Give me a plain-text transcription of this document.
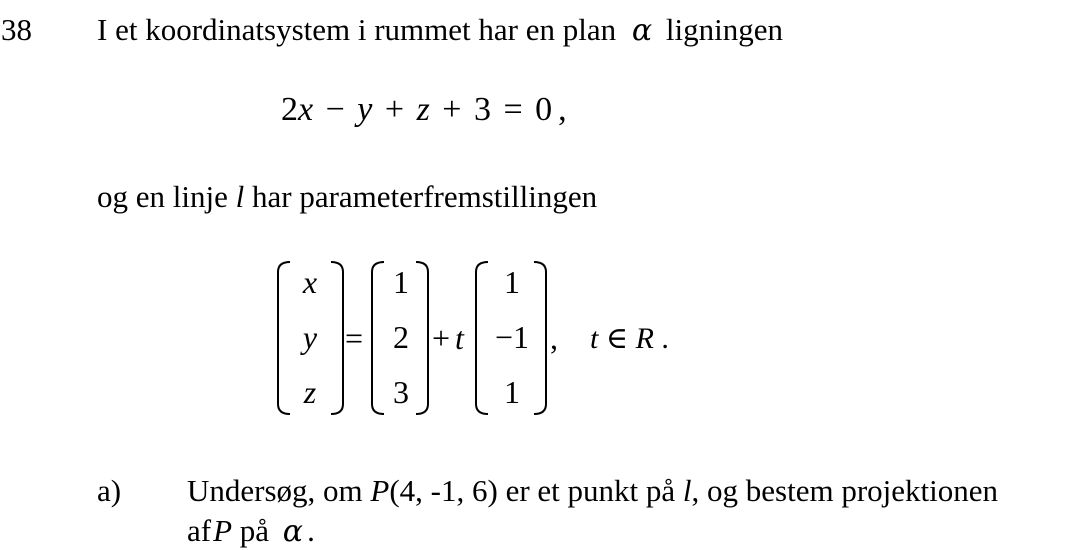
38 I et koordinatsystem i rummet har en plan α ligningen
2x − y + z + 3 = 0 ,
og en linje l har parameterfremstillingen
x
y
z
=
1
2
3
+ t
1
−1
1
, t ∈ R .
a) Undersøg, om P(4, -1, 6) er et punkt på l, og bestem projektionen
afP på α .
